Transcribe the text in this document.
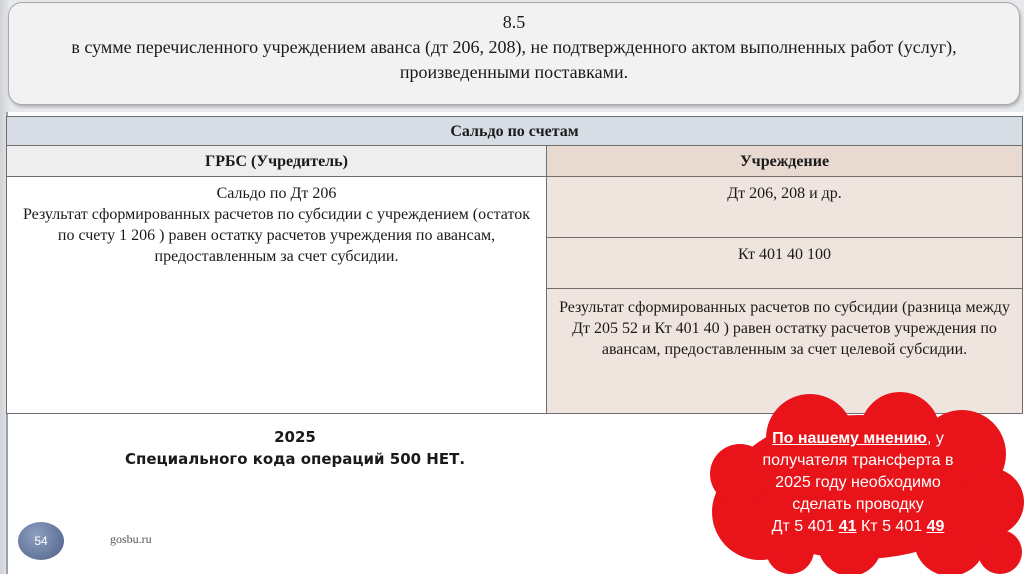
8.5
в сумме перечисленного учреждением аванса (дт 206, 208), не подтвержденного актом выполненных работ (услуг), произведенными поставками.
Сальдо по счетам	
ГРБС (Учредитель)	Учреждение

Сальдо по Дт 206
Результат сформированных расчетов по субсидии с учреждением (остаток по счету 1 206 ) равен остатку расчетов учреждения по авансам, предоставленным за счет субсидии.	Дт 206, 208 и др.
	Кт 401 40 100

	Результат сформированных расчетов по субсидии (разница между Дт 205 52 и Кт 401 40 ) равен остатку расчетов учреждения по авансам, предоставленным за счет целевой субсидии.
2025
Специального кода операций 500 НЕТ.
По нашему мнению, у получателя трансферта в 2025 году необходимо сделать проводку
Дт 5 401 41 Кт 5 401 49
54	gosbu.ru
